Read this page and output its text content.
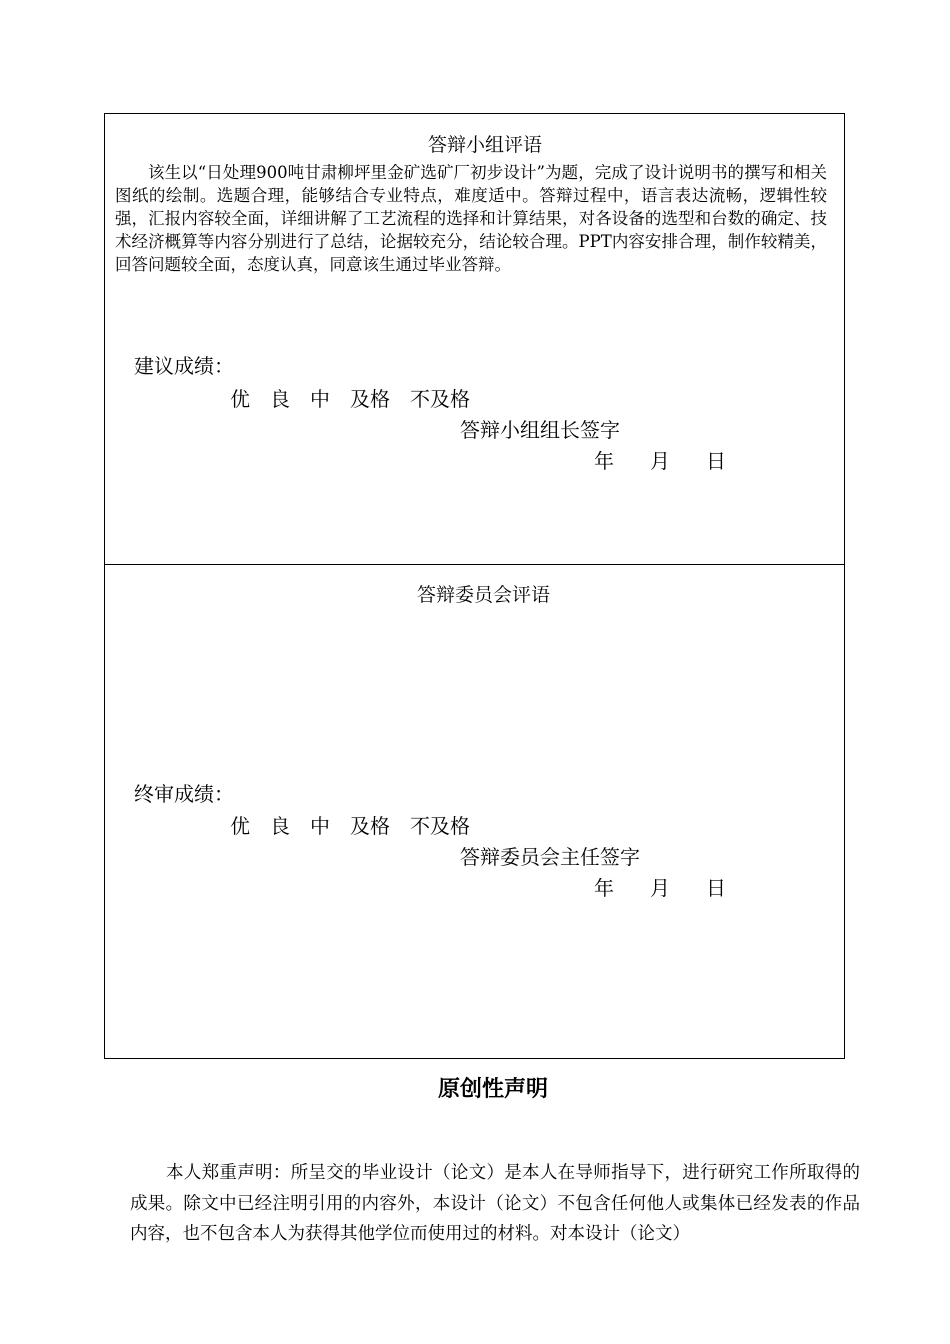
答辩小组评语
该生以“日处理900吨甘肃柳坪里金矿选矿厂初步设计”为题，完成了设计说明书的撰写和相关图纸的绘制。选题合理，能够结合专业特点，难度适中。答辩过程中，语言表达流畅，逻辑性较强，汇报内容较全面，详细讲解了工艺流程的选择和计算结果，对各设备的选型和台数的确定、技术经济概算等内容分别进行了总结，论据较充分，结论较合理。PPT内容安排合理，制作较精美，回答问题较全面，态度认真，同意该生通过毕业答辩。
建议成绩：
优 良 中 及格 不及格
答辩小组组长签字
年 月 日
答辩委员会评语
终审成绩：
优 良 中 及格 不及格
答辩委员会主任签字
年 月 日
原创性声明
本人郑重声明：所呈交的毕业设计（论文）是本人在导师指导下，进行研究工作所取得的成果。除文中已经注明引用的内容外，本设计（论文）不包含任何他人或集体已经发表的作品内容，也不包含本人为获得其他学位而使用过的材料。对本设计（论文）
